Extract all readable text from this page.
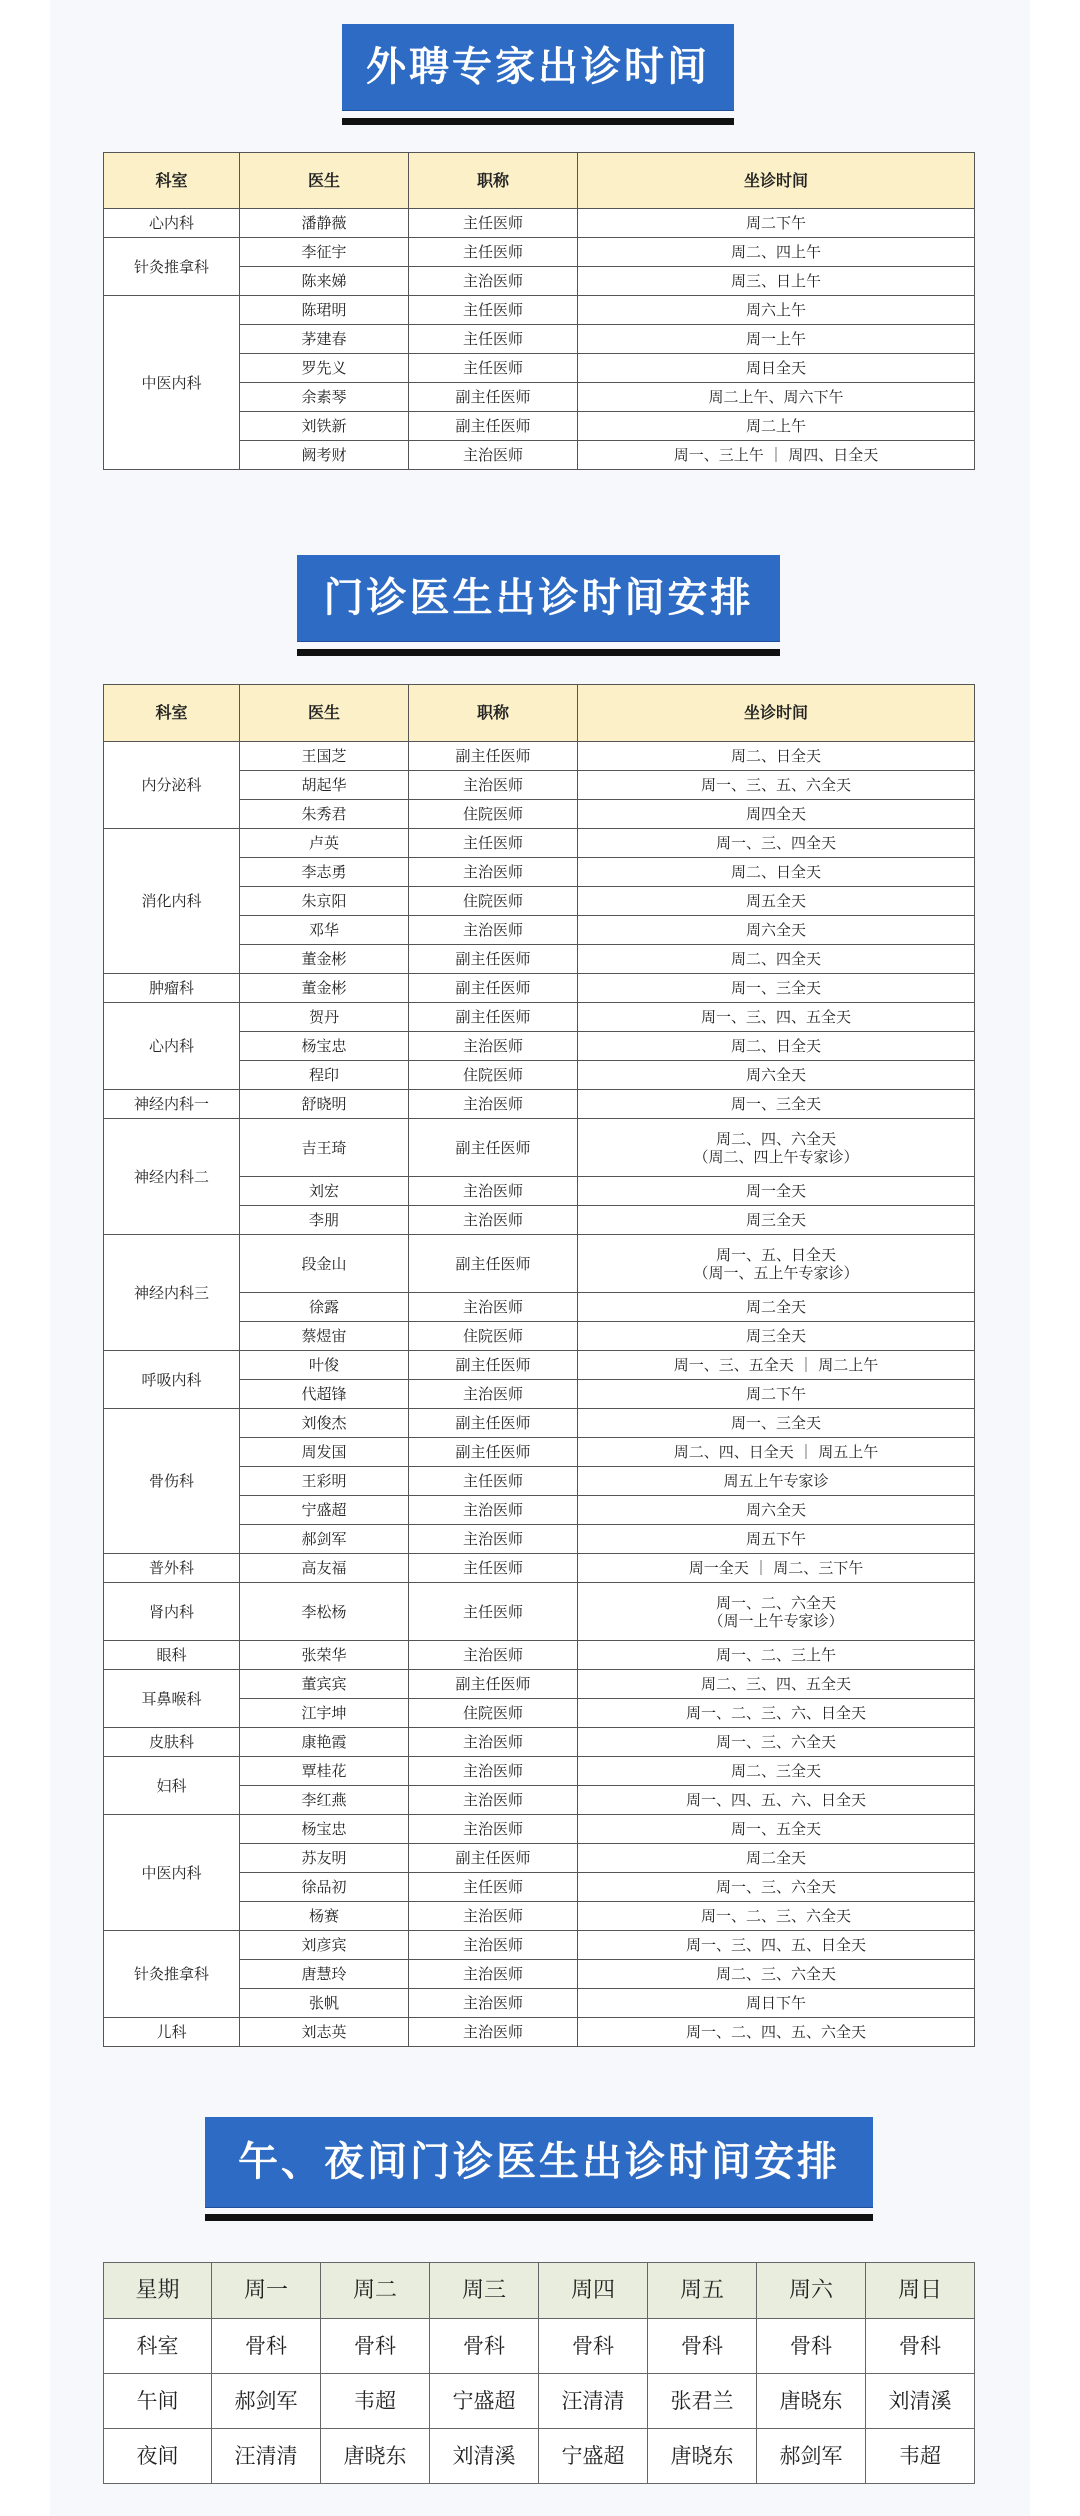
外聘专家出诊时间
科室	医生	职称	坐诊时间
心内科	潘静薇	主任医师	周二下午
针灸推拿科	李征宇	主任医师	周二、四上午
	陈来娣	主治医师	周三、日上午
中医内科	陈珺明	主任医师	周六上午
	茅建春	主任医师	周一上午
	罗先义	主任医师	周日全天
	余素琴	副主任医师	周二上午、周六下午
	刘铁新	副主任医师	周二上午
	阙考财	主治医师	周一、三上午 ｜ 周四、日全天
门诊医生出诊时间安排
科室	医生	职称	坐诊时间
内分泌科	王国芝	副主任医师	周二、日全天
	胡起华	主治医师	周一、三、五、六全天
	朱秀君	住院医师	周四全天
消化内科	卢英	主任医师	周一、三、四全天
	李志勇	主治医师	周二、日全天
	朱京阳	住院医师	周五全天
	邓华	主治医师	周六全天
	董金彬	副主任医师	周二、四全天
肿瘤科	董金彬	副主任医师	周一、三全天
心内科	贺丹	副主任医师	周一、三、四、五全天
	杨宝忠	主治医师	周二、日全天
	程印	住院医师	周六全天
神经内科一	舒晓明	主治医师	周一、三全天
神经内科二	吉王琦	副主任医师	周二、四、六全天
（周二、四上午专家诊）
	刘宏	主治医师	周一全天
	李朋	主治医师	周三全天
神经内科三	段金山	副主任医师	周一、五、日全天
（周一、五上午专家诊）
	徐露	主治医师	周二全天
	蔡煜宙	住院医师	周三全天
呼吸内科	叶俊	副主任医师	周一、三、五全天 ｜ 周二上午
	代超锋	主治医师	周二下午
骨伤科	刘俊杰	副主任医师	周一、三全天
	周发国	副主任医师	周二、四、日全天 ｜ 周五上午
	王彩明	主任医师	周五上午专家诊
	宁盛超	主治医师	周六全天
	郝剑军	主治医师	周五下午
普外科	高友福	主任医师	周一全天 ｜ 周二、三下午
肾内科	李松杨	主任医师	周一、二、六全天
（周一上午专家诊）
眼科	张荣华	主治医师	周一、二、三上午
耳鼻喉科	董宾宾	副主任医师	周二、三、四、五全天
	江宇坤	住院医师	周一、二、三、六、日全天
皮肤科	康艳霞	主治医师	周一、三、六全天
妇科	覃桂花	主治医师	周二、三全天
	李红燕	主治医师	周一、四、五、六、日全天
中医内科	杨宝忠	主治医师	周一、五全天
	苏友明	副主任医师	周二全天
	徐品初	主任医师	周一、三、六全天
	杨赛	主治医师	周一、二、三、六全天
针灸推拿科	刘彦宾	主治医师	周一、三、四、五、日全天
	唐慧玲	主治医师	周二、三、六全天
	张帆	主治医师	周日下午
儿科	刘志英	主治医师	周一、二、四、五、六全天
午、夜间门诊医生出诊时间安排
星期	周一	周二	周三	周四	周五	周六	周日
科室	骨科	骨科	骨科	骨科	骨科	骨科	骨科
午间	郝剑军	韦超	宁盛超	汪清清	张君兰	唐晓东	刘清溪
夜间	汪清清	唐晓东	刘清溪	宁盛超	唐晓东	郝剑军	韦超
